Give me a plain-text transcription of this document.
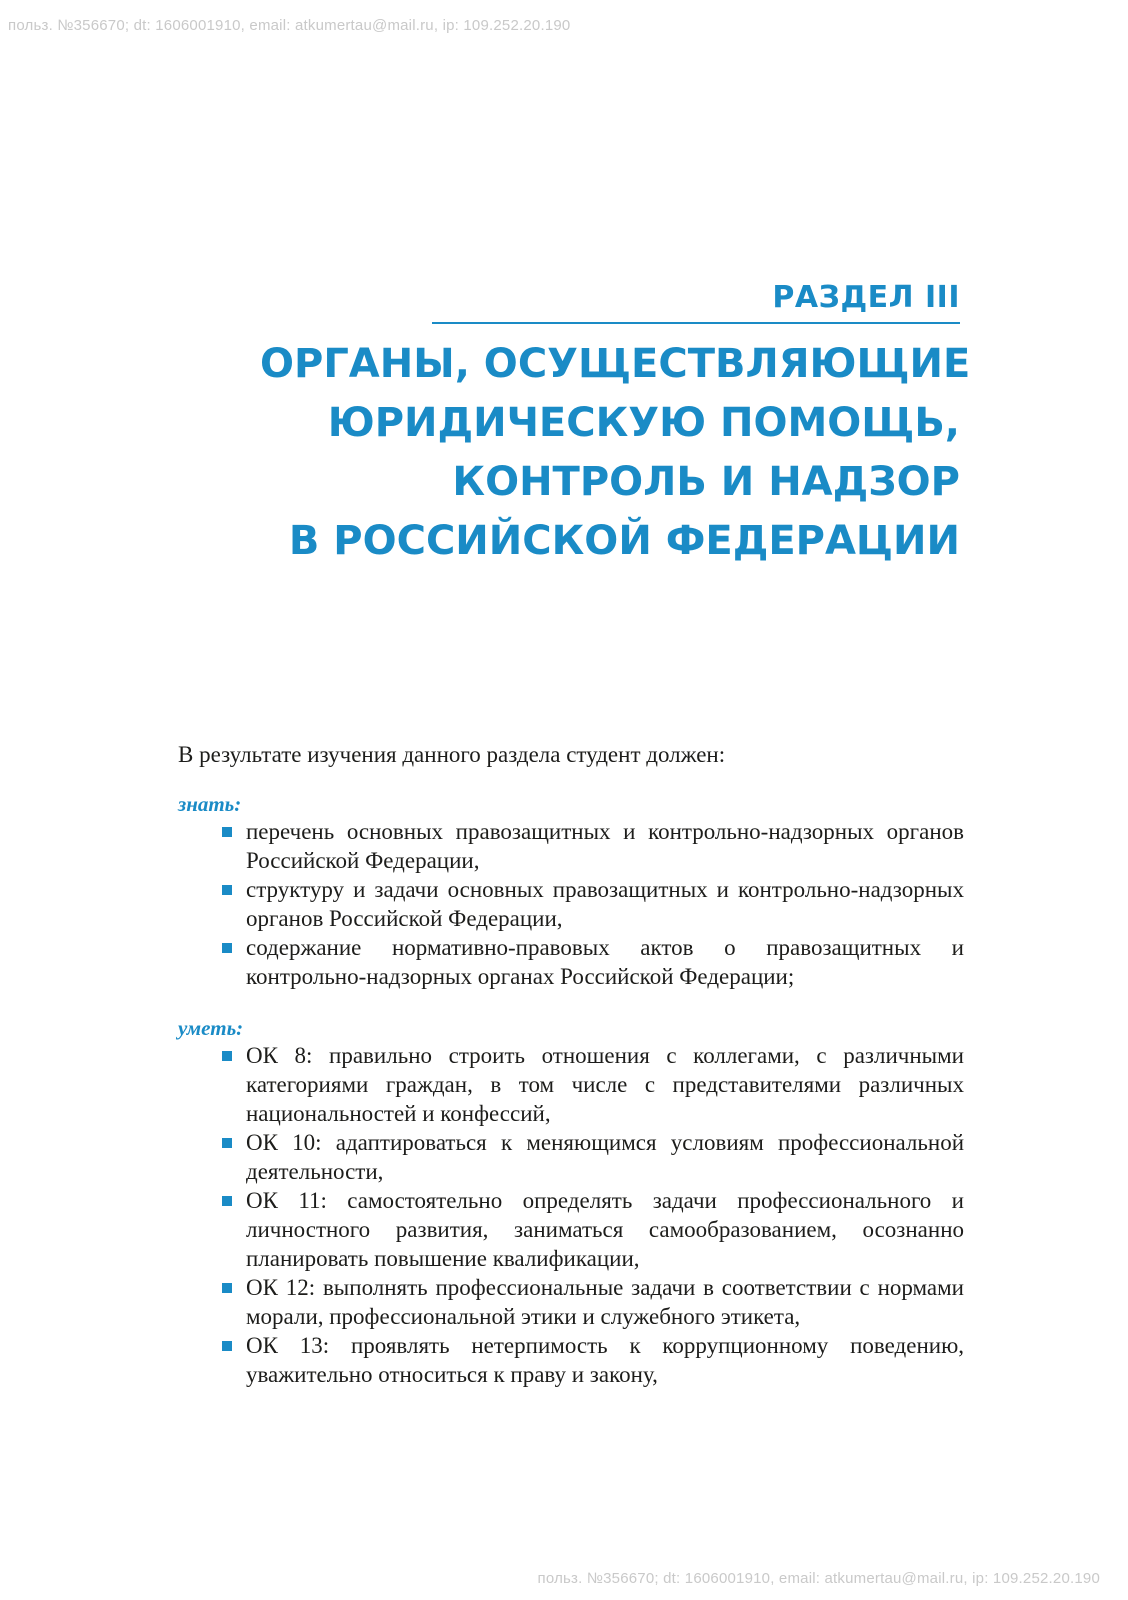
польз. №356670; dt: 1606001910, email: atkumertau@mail.ru, ip: 109.252.20.190
РАЗДЕЛ III
ОРГАНЫ, ОСУЩЕСТВЛЯЮЩИЕ
ЮРИДИЧЕСКУЮ ПОМОЩЬ,
КОНТРОЛЬ И НАДЗОР
В РОССИЙСКОЙ ФЕДЕРАЦИИ

В результате изучения данного раздела студент должен:

знать:

перечень основных правозащитных и контрольно-надзорных органов Российской Федерации,
структуру и задачи основных правозащитных и контрольно-надзорных органов Российской Федерации,
содержание нормативно-правовых актов о правозащитных и контрольно-надзорных органах Российской Федерации;

уметь:

ОК 8: правильно строить отношения с коллегами, с различными категориями граждан, в том числе с представителями различных национальностей и конфессий,
ОК 10: адаптироваться к меняющимся условиям профессиональной деятельности,
ОК 11: самостоятельно определять задачи профессионального и личностного развития, заниматься самообразованием, осознанно планировать повышение квалификации,
ОК 12: выполнять профессиональные задачи в соответствии с нормами морали, профессиональной этики и служебного этикета,
ОК 13: проявлять нетерпимость к коррупционному поведению, уважительно относиться к праву и закону,
польз. №356670; dt: 1606001910, email: atkumertau@mail.ru, ip: 109.252.20.190
